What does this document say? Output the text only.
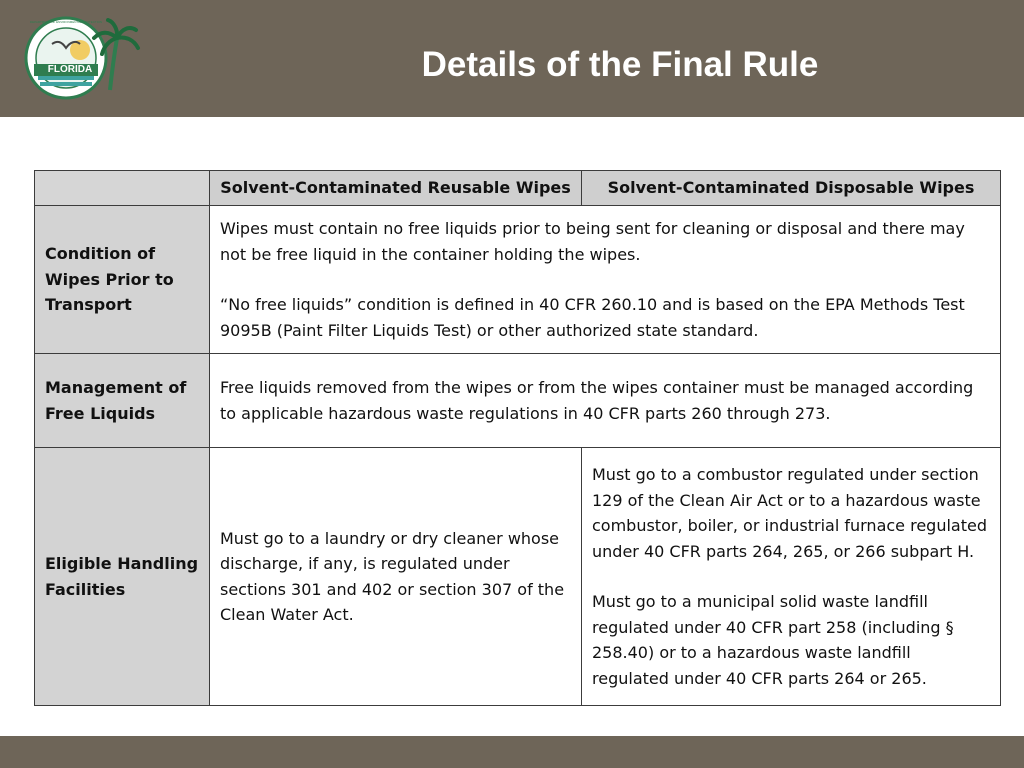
FLORIDA
DEPARTMENT OF ENVIRONMENTAL PROTECTION
Details of the Final Rule
	Solvent-Contaminated Reusable Wipes	Solvent-Contaminated Disposable Wipes
Condition of Wipes Prior to Transport	Wipes must contain no free liquids prior to being sent for cleaning or disposal and there may not be free liquid in the container holding the wipes.
“No free liquids” condition is defined in 40 CFR 260.10 and is based on the EPA Methods Test 9095B (Paint Filter Liquids Test) or other authorized state standard.	

Management of Free Liquids	Free liquids removed from the wipes or from the wipes container must be managed according to applicable hazardous waste regulations in 40 CFR parts 260 through 273.	

Eligible Handling Facilities	Must go to a laundry or dry cleaner whose discharge, if any, is regulated under sections 301 and 402 or section 307 of the Clean Water Act.	Must go to a combustor regulated under section 129 of the Clean Air Act or to a hazardous waste combustor, boiler, or industrial furnace regulated under 40 CFR parts 264, 265, or 266 subpart H.
Must go to a municipal solid waste landfill regulated under 40 CFR part 258 (including § 258.40) or to a hazardous waste landfill regulated under 40 CFR parts 264 or 265.
